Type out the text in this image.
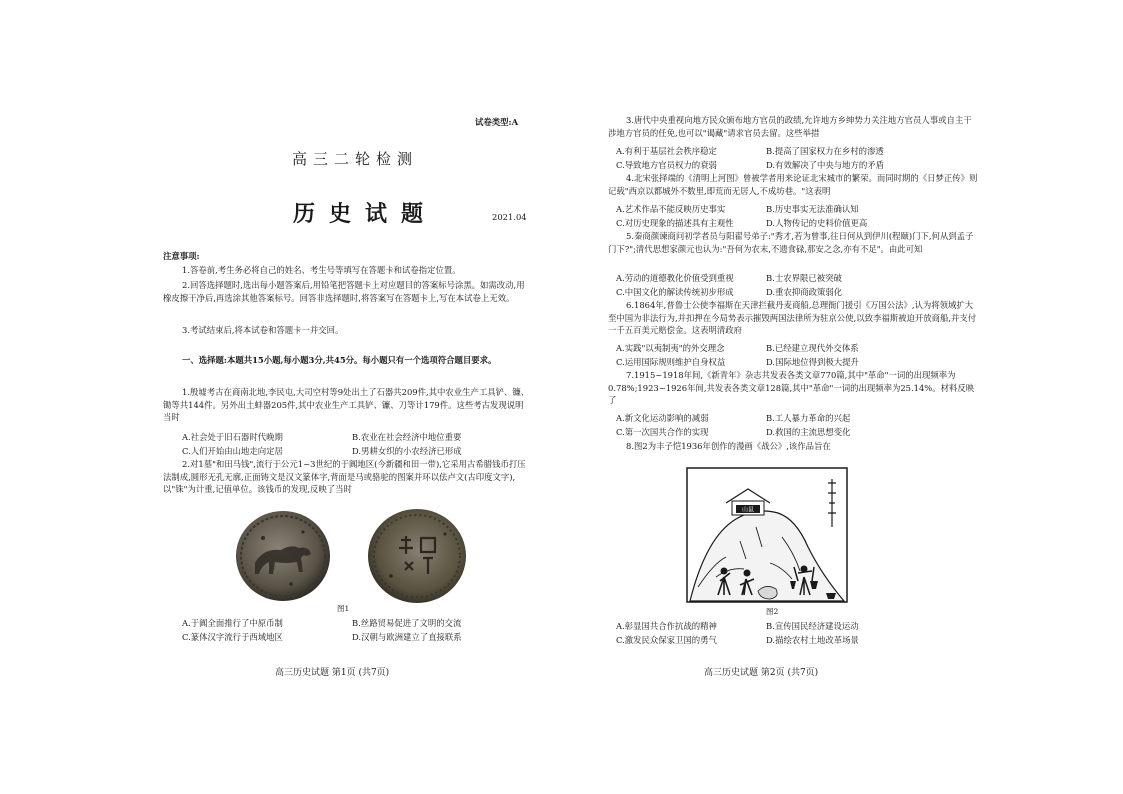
试卷类型:A
高三二轮检测
历史试题	2021.04
注意事项:
1.答卷前,考生务必将自己的姓名、考生号等填写在答题卡和试卷指定位置。
2.回答选择题时,选出每小题答案后,用铅笔把答题卡上对应题目的答案标号涂黑。如需改动,用橡皮擦干净后,再选涂其他答案标号。回答非选择题时,将答案写在答题卡上,写在本试卷上无效。
3.考试结束后,将本试卷和答题卡一并交回。
一、选择题:本题共15小题,每小题3分,共45分。每小题只有一个选项符合题目要求。
1.殷墟考古在商南北地,李民屯,大司空村等9处出土了石器共209件,其中农业生产工具铲、镰、锄等共144件。另外出土蚌器205件,其中农业生产工具铲、镰、刀等计179件。这些考古发现说明当时
A.社会处于旧石器时代晚期	B.农业在社会经济中地位重要
C.人们开始由山地走向定居	D.男耕女织的小农经济已形成
2.对1墓"和田马钱",流行于公元1~3世纪的于阗地区(今新疆和田一带),它采用古希腊钱币打压法制成,圆形无孔无廓,正面铸文是汉文篆体字,背面是马或骆驼的图案并环以佉卢文(古印度文字),以"铢"为计重,记值单位。该钱币的发现,反映了当时
图1
A.于阗全面推行了中原币制	B.丝路贸易促进了文明的交流
C.篆体汉字流行于西域地区	D.汉朝与欧洲建立了直接联系
高三历史试题 第1页 (共7页)
3.唐代中央重视向地方民众颁布地方官员的政绩,允许地方乡绅势力关注地方官员人事或自主干涉地方官员的任免,也可以"谒藏"请求官员去留。这些举措
A.有利于基层社会秩序稳定	B.提高了国家权力在乡村的渗透
C.导致地方官员权力的衰弱	D.有效解决了中央与地方的矛盾
4.北宋张择端的《清明上河图》曾被学者用来论证北宋城市的繁荣。而同时期的《日梦正传》则记载"西京以都城外不数里,即荒而无居人,不成坊巷。"这表明
A.艺术作品不能反映历史事实	B.历史事实无法准确认知
C.对历史现象的描述具有主观性	D.人物传记的史料价值更高
5.秦商颜谏商问初学者员与阳翟号弟子:"秀才,若为曾事,往日何从到伊川(程颐)门下,何从到孟子门下?";清代思想家颜元也认为:"吾何为农末,不遗食碌,那安之念,亦有不足"。由此可知
A.劳动的道德教化价值受到重视	B.士农界限已被突破
C.中国文化的解读传统初步形成	D.重农抑商政策弱化
6.1864年,普鲁士公使李福斯在天津拦截丹麦商船,总理衙门援引《万国公法》,认为将领域扩大至中国为非法行为,并扣押在今局势表示摧毁两国法律所为驻京公使,以致李福斯被迫开放商船,并支付一千五百美元赔偿金。这表明清政府
A.实践"以夷制夷"的外交理念	B.已经建立现代外交体系
C.运用国际规则维护自身权益	D.国际地位得到极大提升
7.1915~1918年间,《新青年》杂志共发表各类文章770篇,其中"革命"一词的出现频率为0.78%;1923~1926年间,共发表各类文章128篇,其中"革命"一词的出现频率为25.14%。材料反映了
A.新文化运动影响的减弱	B.工人暴力革命的兴起
C.第一次国共合作的实现	D.救国的主流思想变化
8.图2为丰子恺1936年创作的漫画《战公》,该作品旨在
山鼠
图2
A.彰显国共合作抗战的精神	B.宣传国民经济建设运动
C.激发民众保家卫国的勇气	D.描绘农村土地改革场景
高三历史试题 第2页 (共7页)
